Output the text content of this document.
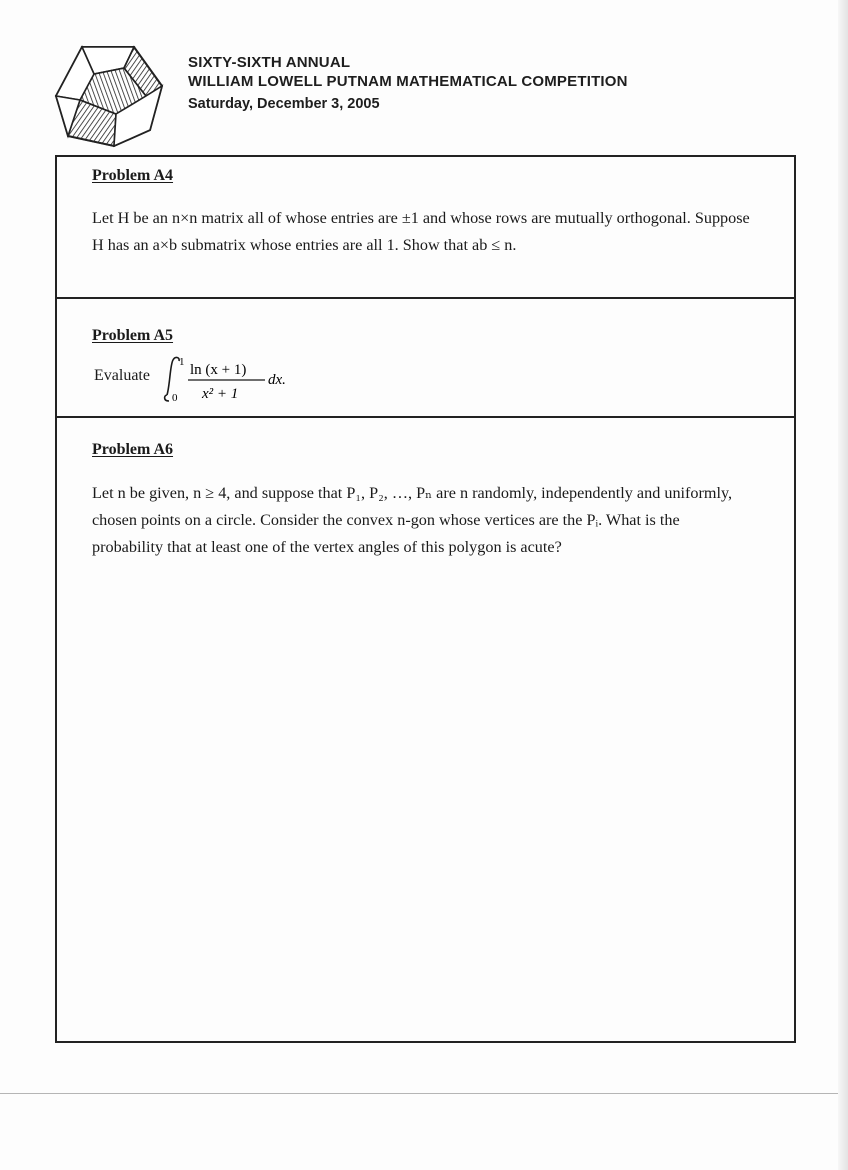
SIXTY-SIXTH ANNUAL
WILLIAM LOWELL PUTNAM MATHEMATICAL COMPETITION
Saturday, December 3, 2005
Problem A4
Let H be an n×n matrix all of whose entries are ±1 and whose rows are mutually orthogonal. Suppose H has an a×b submatrix whose entries are all 1. Show that ab ≤ n.
Problem A5
Evaluate
1
0
ln (x + 1)
x² + 1
dx.
Problem A6
Let n be given, n ≥ 4, and suppose that P₁, P₂, …, Pₙ are n randomly, independently and uniformly, chosen points on a circle. Consider the convex n-gon whose vertices are the Pᵢ. What is the probability that at least one of the vertex angles of this polygon is acute?
